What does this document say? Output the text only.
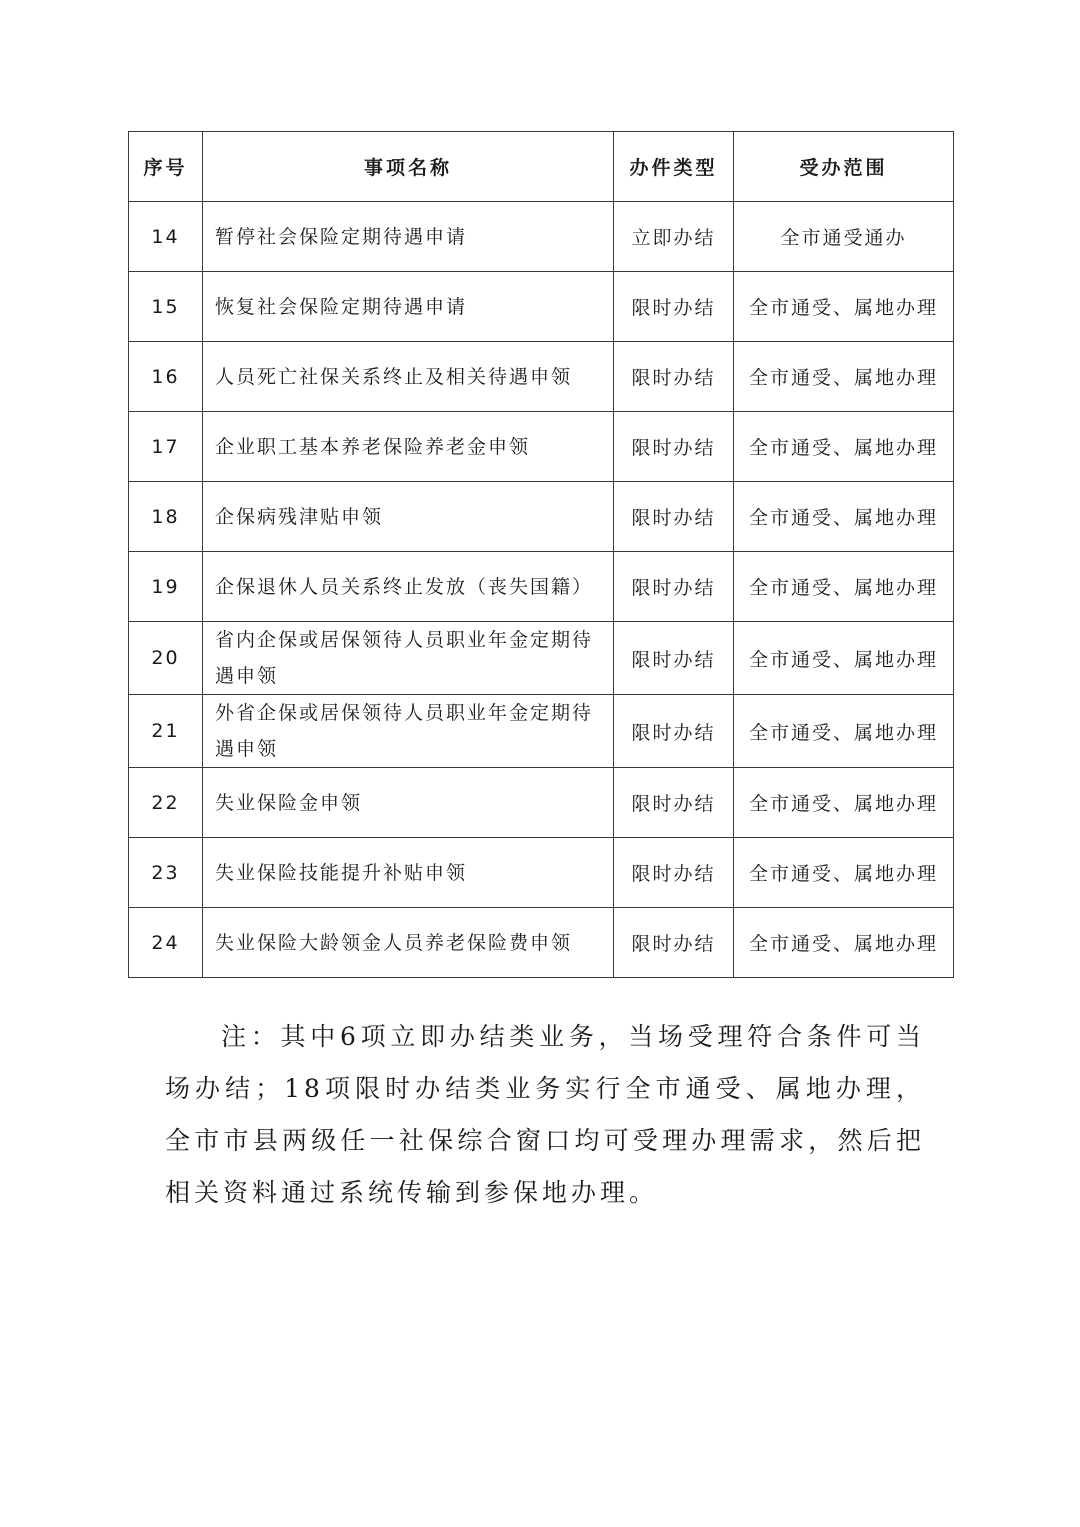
序号	事项名称	办件类型	受办范围
14	暂停社会保险定期待遇申请	立即办结	全市通受通办
15	恢复社会保险定期待遇申请	限时办结	全市通受、属地办理
16	人员死亡社保关系终止及相关待遇申领	限时办结	全市通受、属地办理
17	企业职工基本养老保险养老金申领	限时办结	全市通受、属地办理
18	企保病残津贴申领	限时办结	全市通受、属地办理
19	企保退休人员关系终止发放（丧失国籍）	限时办结	全市通受、属地办理
20	省内企保或居保领待人员职业年金定期待遇申领	限时办结	全市通受、属地办理
21	外省企保或居保领待人员职业年金定期待遇申领	限时办结	全市通受、属地办理
22	失业保险金申领	限时办结	全市通受、属地办理
23	失业保险技能提升补贴申领	限时办结	全市通受、属地办理
24	失业保险大龄领金人员养老保险费申领	限时办结	全市通受、属地办理

注：其中6项立即办结类业务，当场受理符合条件可当场办结；18项限时办结类业务实行全市通受、属地办理，全市市县两级任一社保综合窗口均可受理办理需求，然后把相关资料通过系统传输到参保地办理。
